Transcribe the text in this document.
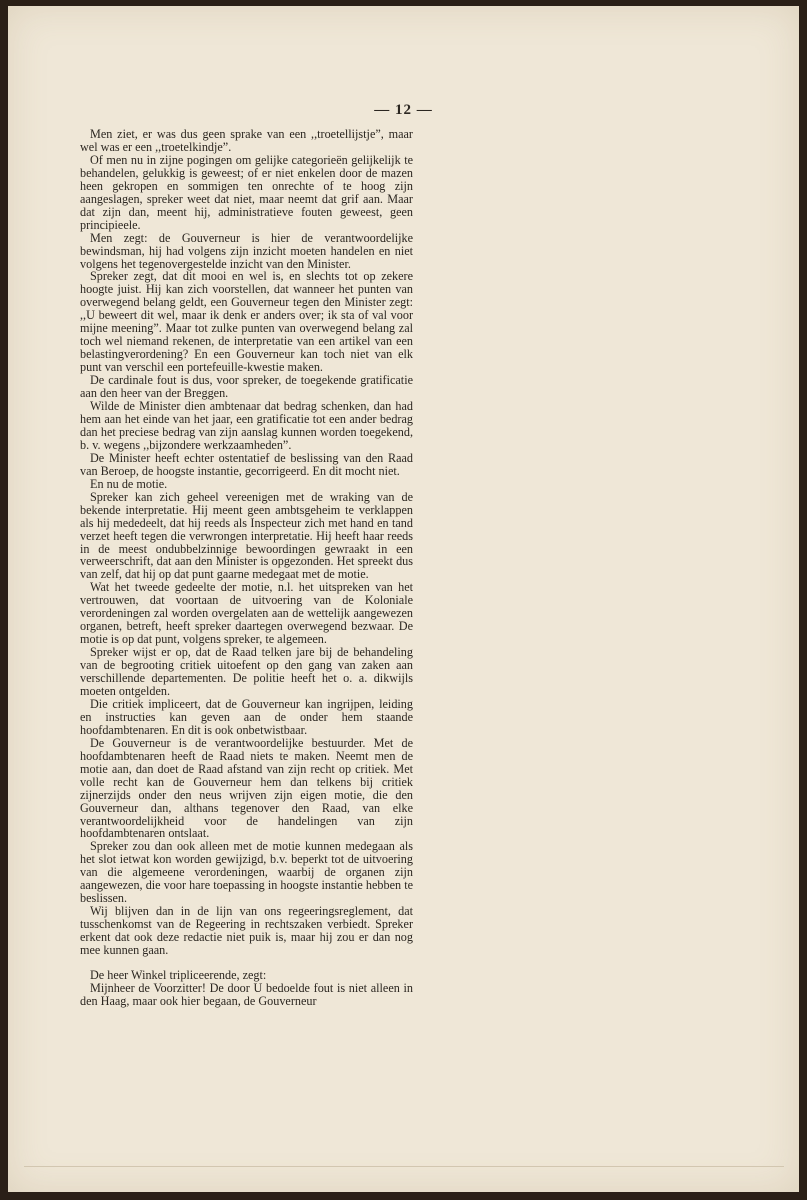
— 12 —

Men ziet, er was dus geen sprake van een ,,troetellijstje”, maar wel was er een ,,troetelkindje”.

Of men nu in zijne pogingen om gelijke categorieën gelijkelijk te behandelen, gelukkig is geweest; of er niet enkelen door de mazen heen gekropen en sommigen ten onrechte of te hoog zijn aangeslagen, spreker weet dat niet, maar neemt dat grif aan. Maar dat zijn dan, meent hij, administratieve fouten geweest, geen principieele.

Men zegt: de Gouverneur is hier de verantwoordelijke bewindsman, hij had volgens zijn inzicht moeten handelen en niet volgens het tegenovergestelde inzicht van den Minister.

Spreker zegt, dat dit mooi en wel is, en slechts tot op zekere hoogte juist. Hij kan zich voorstellen, dat wanneer het punten van overwegend belang geldt, een Gouverneur tegen den Minister zegt: ,,U beweert dit wel, maar ik denk er anders over; ik sta of val voor mijne meening”. Maar tot zulke punten van overwegend belang zal toch wel niemand rekenen, de interpretatie van een artikel van een belastingverordening? En een Gouverneur kan toch niet van elk punt van verschil een portefeuille-kwestie maken.

De cardinale fout is dus, voor spreker, de toegekende gratificatie aan den heer van der Breggen.

Wilde de Minister dien ambtenaar dat bedrag schenken, dan had hem aan het einde van het jaar, een gratificatie tot een ander bedrag dan het preciese bedrag van zijn aanslag kunnen worden toegekend, b. v. wegens ,,bijzondere werkzaamheden”.

De Minister heeft echter ostentatief de beslissing van den Raad van Beroep, de hoogste instantie, gecorrigeerd. En dit mocht niet.

En nu de motie.

Spreker kan zich geheel vereenigen met de wraking van de bekende interpretatie. Hij meent geen ambtsgeheim te verklappen als hij mededeelt, dat hij reeds als Inspecteur zich met hand en tand verzet heeft tegen die verwrongen interpretatie. Hij heeft haar reeds in de meest ondubbelzinnige bewoordingen gewraakt in een verweerschrift, dat aan den Minister is opgezonden. Het spreekt dus van zelf, dat hij op dat punt gaarne medegaat met de motie.

Wat het tweede gedeelte der motie, n.l. het uitspreken van het vertrouwen, dat voortaan de uitvoering van de Koloniale verordeningen zal worden overgelaten aan de wettelijk aangewezen organen, betreft, heeft spreker daartegen overwegend bezwaar. De motie is op dat punt, volgens spreker, te algemeen.

Spreker wijst er op, dat de Raad telken jare bij de behandeling van de begrooting critiek uitoefent op den gang van zaken aan verschillende departementen. De politie heeft het o. a. dikwijls moeten ontgelden.

Die critiek impliceert, dat de Gouverneur kan ingrijpen, leiding en instructies kan geven aan de onder hem staande hoofdambtenaren. En dit is ook onbetwistbaar.

De Gouverneur is de verantwoordelijke bestuurder. Met de hoofdambtenaren heeft de Raad niets te maken. Neemt men de motie aan, dan doet de Raad afstand van zijn recht op critiek. Met volle recht kan de Gouverneur hem dan telkens bij critiek zijnerzijds onder den neus wrijven zijn eigen motie, die den Gouverneur dan, althans tegenover den Raad, van elke verantwoordelijkheid voor de handelingen van zijn hoofdambtenaren ontslaat.

Spreker zou dan ook alleen met de motie kunnen medegaan als het slot ietwat kon worden gewijzigd, b.v. beperkt tot de uitvoering van die algemeene verordeningen, waarbij de organen zijn aangewezen, die voor hare toepassing in hoogste instantie hebben te beslissen.

Wij blijven dan in de lijn van ons regeeringsreglement, dat tusschenkomst van de Regeering in rechtszaken verbiedt. Spreker erkent dat ook deze redactie niet puik is, maar hij zou er dan nog mee kunnen gaan.

De heer Winkel tripliceerende, zegt:

Mijnheer de Voorzitter! De door U bedoelde fout is niet alleen in den Haag, maar ook hier begaan, de Gouverneur
